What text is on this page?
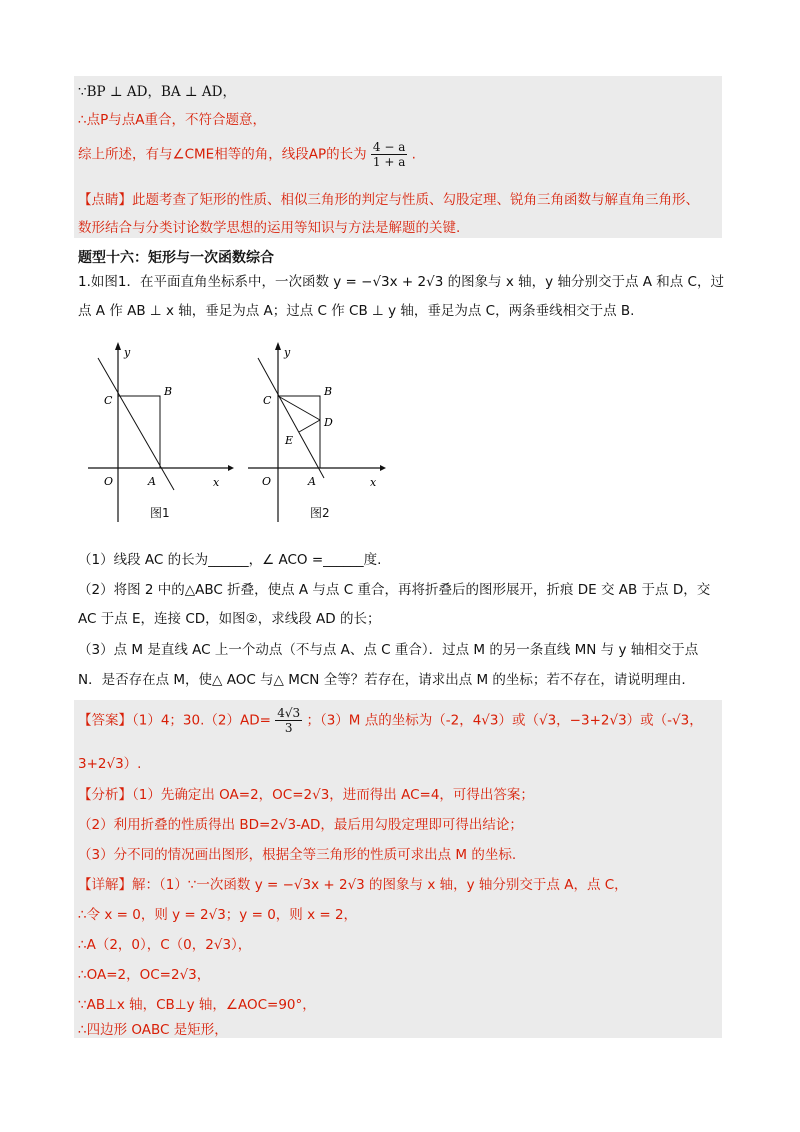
∵BP ⊥ AD，BA ⊥ AD，
∴点P与点A重合，不符合题意，
综上所述，有与∠CME相等的角，线段AP的长为 $\frac{4 - a}{1 + a}$ .
【点睛】此题考查了矩形的性质、相似三角形的判定与性质、勾股定理、锐角三角函数与解直角三角形、
数形结合与分类讨论数学思想的运用等知识与方法是解题的关键.
题型十六：矩形与一次函数综合
1.如图1．在平面直角坐标系中，一次函数 y = −√3x + 2√3 的图象与 x 轴，y 轴分别交于点 A 和点 C，过
点 A 作 AB ⊥ x 轴，垂足为点 A；过点 C 作 CB ⊥ y 轴，垂足为点 C，两条垂线相交于点 B.
y
x
O	A
B
C
图1
y
x
O	A
B
C
D
E
图2
（1）线段 AC 的长为______，∠ ACO =______度.
（2）将图 2 中的△ABC 折叠，使点 A 与点 C 重合，再将折叠后的图形展开，折痕 DE 交 AB 于点 D，交
AC 于点 E，连接 CD，如图②，求线段 AD 的长；
（3）点 M 是直线 AC 上一个动点（不与点 A、点 C 重合）．过点 M 的另一条直线 MN 与 y 轴相交于点
N．是否存在点 M，使△ AOC 与△ MCN 全等？若存在，请求出点 M 的坐标；若不存在，请说明理由.
【答案】（1）4；$30.(2)AD= \frac{4√3}{3}$ ；（3）M 点的坐标为（-2，4√3）或（√3，−3+2√3）或（-√3，
3+2√3）.
【分析】（1）先确定出 OA=2，OC=2√3，进而得出 AC=4，可得出答案；
（2）利用折叠的性质得出 BD=2√3-AD，最后用勾股定理即可得出结论；
（3）分不同的情况画出图形，根据全等三角形的性质可求出点 M 的坐标.
【详解】解：（1）∵一次函数 y = −√3x + 2√3 的图象与 x 轴，y 轴分别交于点 A，点 C，
∴令 x = 0，则 y = 2√3；y = 0，则 x = 2，
∴A（2，0），C（0，2√3），
∴OA=2，OC=2√3，
∵AB⊥x 轴，CB⊥y 轴，∠AOC=90°，
∴四边形 OABC 是矩形，
